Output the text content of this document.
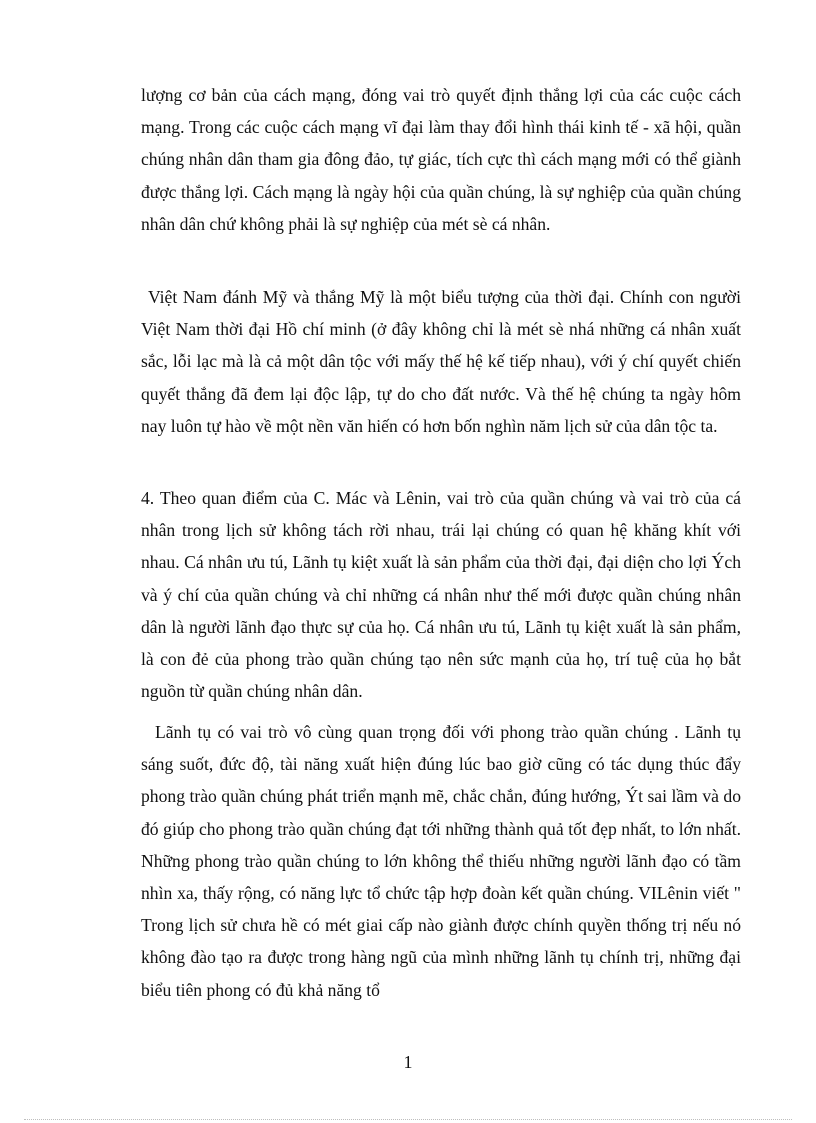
lượng cơ bản của cách mạng, đóng vai trò quyết định thắng lợi của các cuộc cách mạng. Trong các cuộc cách mạng vĩ đại làm thay đổi hình thái kinh tế - xã hội, quần chúng nhân dân tham gia đông đảo, tự giác, tích cực thì cách mạng mới có thể giành được thắng lợi. Cách mạng là ngày hội của quần chúng, là sự nghiệp của quần chúng nhân dân chứ không phải là sự nghiệp của mét sè cá nhân.

Việt Nam đánh Mỹ và thắng Mỹ là một biểu tượng của thời đại. Chính con người Việt Nam thời đại Hồ chí minh (ở đây không chỉ là mét sè nhá những cá nhân xuất sắc, lỗi lạc mà là cả một dân tộc với mấy thế hệ kế tiếp nhau), với ý chí quyết chiến quyết thắng đã đem lại độc lập, tự do cho đất nước. Và thế hệ chúng ta ngày hôm nay luôn tự hào về một nền văn hiến có hơn bốn nghìn năm lịch sử của dân tộc ta.

4. Theo quan điểm của C. Mác và Lênin, vai trò của quần chúng và vai trò của cá nhân trong lịch sử không tách rời nhau, trái lại chúng có quan hệ khăng khít với nhau. Cá nhân ưu tú, Lãnh tụ kiệt xuất là sản phẩm của thời đại, đại diện cho lợi Ých và ý chí của quần chúng và chỉ những cá nhân như thế mới được quần chúng nhân dân là người lãnh đạo thực sự của họ. Cá nhân ưu tú, Lãnh tụ kiệt xuất là sản phẩm, là con đẻ của phong trào quần chúng tạo nên sức mạnh của họ, trí tuệ của họ bắt nguồn từ quần chúng nhân dân.

Lãnh tụ có vai trò vô cùng quan trọng đối với phong trào quần chúng . Lãnh tụ sáng suốt, đức độ, tài năng xuất hiện đúng lúc bao giờ cũng có tác dụng thúc đẩy phong trào quần chúng phát triển mạnh mẽ, chắc chắn, đúng hướng, Ýt sai lầm và do đó giúp cho phong trào quần chúng đạt tới những thành quả tốt đẹp nhất, to lớn nhất. Những phong trào quần chúng to lớn không thể thiếu những người lãnh đạo có tầm nhìn xa, thấy rộng, có năng lực tổ chức tập hợp đoàn kết quần chúng. VILênin viết " Trong lịch sử chưa hề có mét giai cấp nào giành được chính quyền thống trị nếu nó không đào tạo ra được trong hàng ngũ của mình những lãnh tụ chính trị, những đại biểu tiên phong có đủ khả năng tổ

1
